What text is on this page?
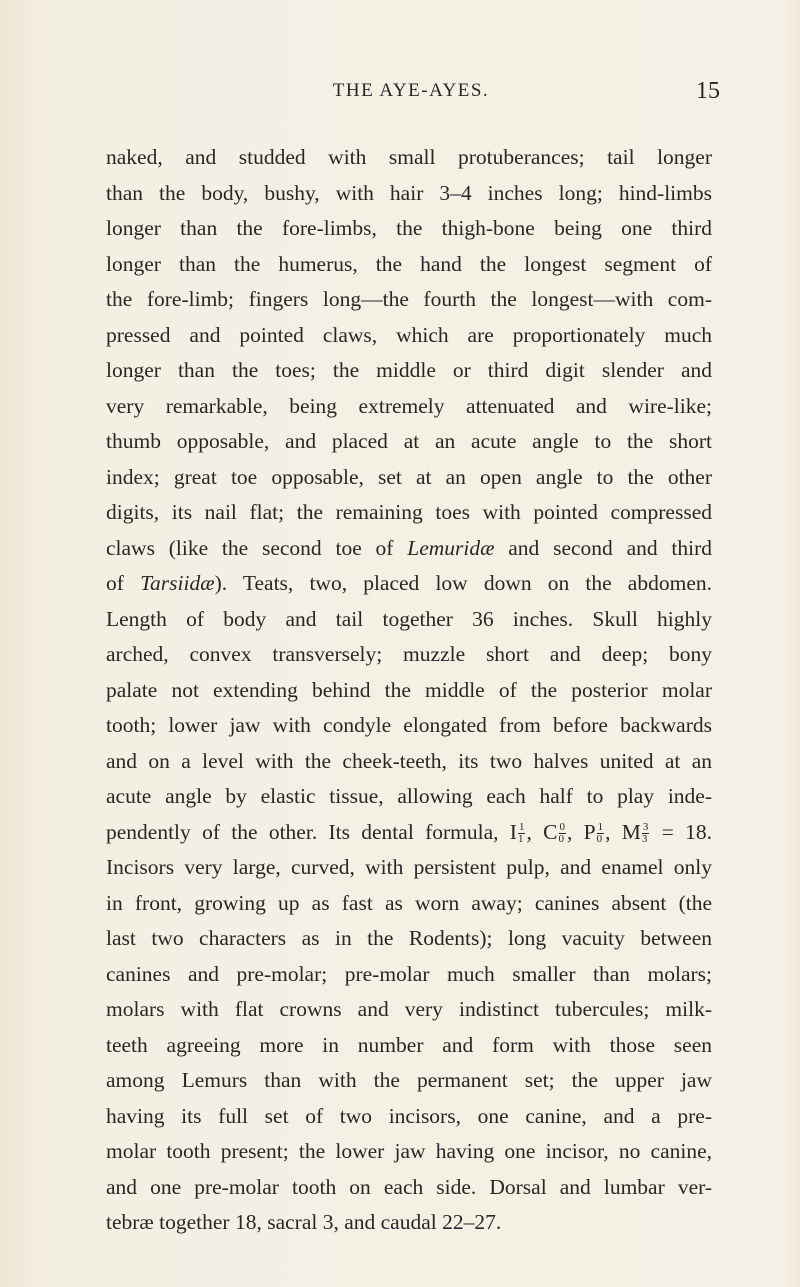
THE AYE-AYES.	15
naked, and studded with small protuberances; tail longer
than the body, bushy, with hair 3–4 inches long; hind-limbs
longer than the fore-limbs, the thigh-bone being one third
longer than the humerus, the hand the longest segment of
the fore-limb; fingers long—the fourth the longest—with com-
pressed and pointed claws, which are proportionately much
longer than the toes; the middle or third digit slender and
very remarkable, being extremely attenuated and wire-like;
thumb opposable, and placed at an acute angle to the short
index; great toe opposable, set at an open angle to the other
digits, its nail flat; the remaining toes with pointed compressed
claws (like the second toe of Lemuridæ and second and third
of Tarsiidæ). Teats, two, placed low down on the abdomen.
Length of body and tail together 36 inches. Skull highly
arched, convex transversely; muzzle short and deep; bony
palate not extending behind the middle of the posterior molar
tooth; lower jaw with condyle elongated from before backwards
and on a level with the cheek-teeth, its two halves united at an
acute angle by elastic tissue, allowing each half to play inde-
pendently of the other. Its dental formula, I $\frac{1}{1}$ , C $\frac{0}{0}$ , P $\frac{1}{0}$ , M $\frac{3}{3} = 18$.
Incisors very large, curved, with persistent pulp, and enamel only
in front, growing up as fast as worn away; canines absent (the
last two characters as in the Rodents); long vacuity between
canines and pre-molar; pre-molar much smaller than molars;
molars with flat crowns and very indistinct tubercules; milk-
teeth agreeing more in number and form with those seen
among Lemurs than with the permanent set; the upper jaw
having its full set of two incisors, one canine, and a pre-
molar tooth present; the lower jaw having one incisor, no canine,
and one pre-molar tooth on each side. Dorsal and lumbar ver-
tebræ together 18, sacral 3, and caudal 22–27.
